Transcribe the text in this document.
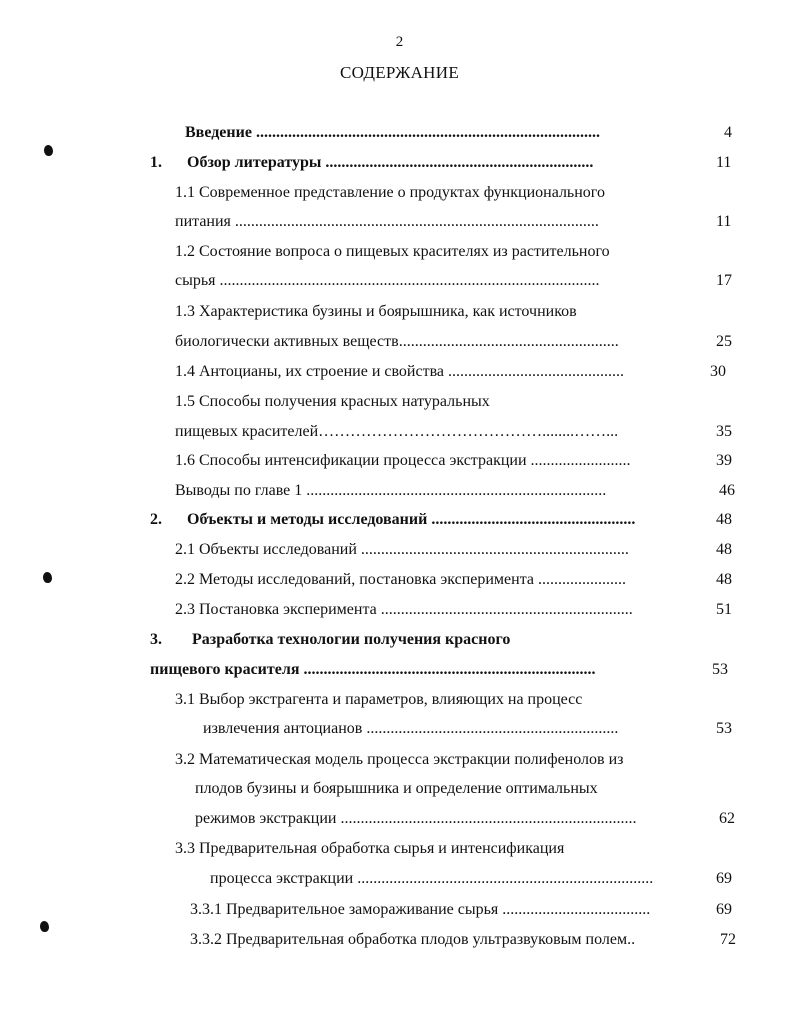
2
СОДЕРЖАНИЕ
Введение ......................................................................................	4
1. Обзор литературы ...................................................................	11
1.1 Современное представление о продуктах функционального
питания ...........................................................................................	11
1.2 Состояние вопроса о пищевых красителях из растительного
сырья ...............................................................................................	17
1.3 Характеристика бузины и боярышника, как источников
биологически активных веществ.......................................................	25
1.4 Антоцианы, их строение и свойства ............................................	30
1.5 Способы получения красных натуральных
пищевых красителей……………………………………........……...	35
1.6 Способы интенсификации процесса экстракции .........................	39
Выводы по главе 1 ...........................................................................	46
2. Объекты и методы исследований ...................................................	48
2.1 Объекты исследований ...................................................................	48
2.2 Методы исследований, постановка эксперимента ......................	48
2.3 Постановка эксперимента ...............................................................	51
3. Разработка технологии получения красного
пищевого красителя .........................................................................	53
3.1 Выбор экстрагента и параметров, влияющих на процесс
извлечения антоцианов ...............................................................	53
3.2 Математическая модель процесса экстракции полифенолов из
плодов бузины и боярышника и определение оптимальных
режимов экстракции ..........................................................................	62
3.3 Предварительная обработка сырья и интенсификация
процесса экстракции ..........................................................................	69
3.3.1 Предварительное замораживание сырья .....................................	69
3.3.2 Предварительная обработка плодов ультразвуковым полем..	72
